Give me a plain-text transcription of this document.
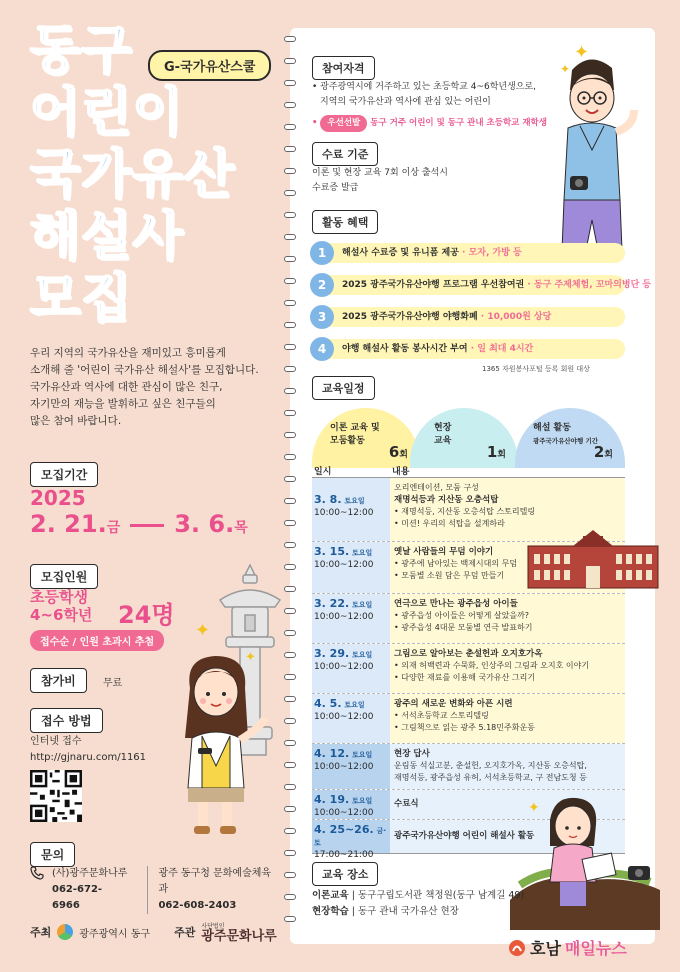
동구
어린이
국가유산
해설사
모집
G-국가유산스쿨

우리 지역의 국가유산을 재미있고 흥미롭게

소개해 줄 '어린이 국가유산 해설사'를 모집합니다.

국가유산과 역사에 대한 관심이 많은 친구,

자기만의 재능을 발휘하고 싶은 친구들의

많은 참여 바랍니다.

모집기간
2025
2. 21.금 3. 6.목
모집인원
초등학생
4~6학년 24명
접수순 / 인원 초과시 추첨
참가비	무료
접수 방법
인터넷 접수
http://gjnaru.com/1161
문의
(사)광주문화나루
062-672-6966
광주 동구청 문화예술체육과
062-608-2403
주최	광주광역시 동구 주관 사단법인
광주문화나루
✦
✦
참여자격
• 광주광역시에 거주하고 있는 초등학교 4~6학년생으로,
지역의 국가유산과 역사에 관심 있는 어린이
• 우선선발 동구 거주 어린이 및 동구 관내 초등학교 재학생
수료 기준
이론 및 현장 교육 7회 이상 출석시
수료증 발급
✦
✦
활동 혜택
1	해설사 수료증 및 유니폼 제공 · 모자, 가방 등
2	2025 광주국가유산야행 프로그램 우선참여권 · 동구 주제체험, 꼬마의병단 등
3	2025 광주국가유산야행 야행화폐 · 10,000원 상당
4	야행 해설사 활동 봉사시간 부여 · 일 최대 4시간
1365 자원봉사포털 등록 회원 대상
교육일정
이론 교육 및
모둠활동
6회
현장
교육
1회
해설 활동
광주국가유산야행 기간
2회
일시	내용

3. 8. 토요일
10:00~12:00
오리엔테이션, 모둠 구성
재명석등과 지산동 오층석탑
• 재명석등, 지산동 오층석탑 스토리텔링
• 미션! 우리의 석탑을 설계하라
3. 15. 토요일
10:00~12:00
옛날 사람들의 무덤 이야기
• 광주에 남아있는 백제시대의 무덤
• 모둠별 소원 담은 무덤 만들기
3. 22. 토요일
10:00~12:00
연극으로 만나는 광주읍성 아이들
• 광주읍성 아이들은 어떻게 살았을까?
• 광주읍성 4대문 모둠별 연극 발표하기
3. 29. 토요일
10:00~12:00
그림으로 알아보는 춘설헌과 오지호가옥
• 의재 허백련과 수묵화, 인상주의 그림과 오지호 이야기
• 다양한 재료를 이용해 국가유산 그리기
4. 5. 토요일
10:00~12:00
광주의 새로운 변화와 아픈 시련
• 서석초등학교 스토리텔링
• 그림책으로 읽는 광주 5.18민주화운동
4. 12. 토요일
10:00~12:00
현장 답사
운림동 석실고분, 춘설헌, 오지호가옥, 지산동 오층석탑,
재명석등, 광주읍성 유허, 서석초등학교, 구 전남도청 등
4. 19. 토요일
10:00~12:00
수료식
4. 25~26. 금·토
17:00~21:00
광주국가유산야행 어린이 해설사 활동
✦
교육 장소
이론교육 | 동구구립도서관 책정원(동구 남계길 49)
현장학습 | 동구 관내 국가유산 현장
호남 매일뉴스
